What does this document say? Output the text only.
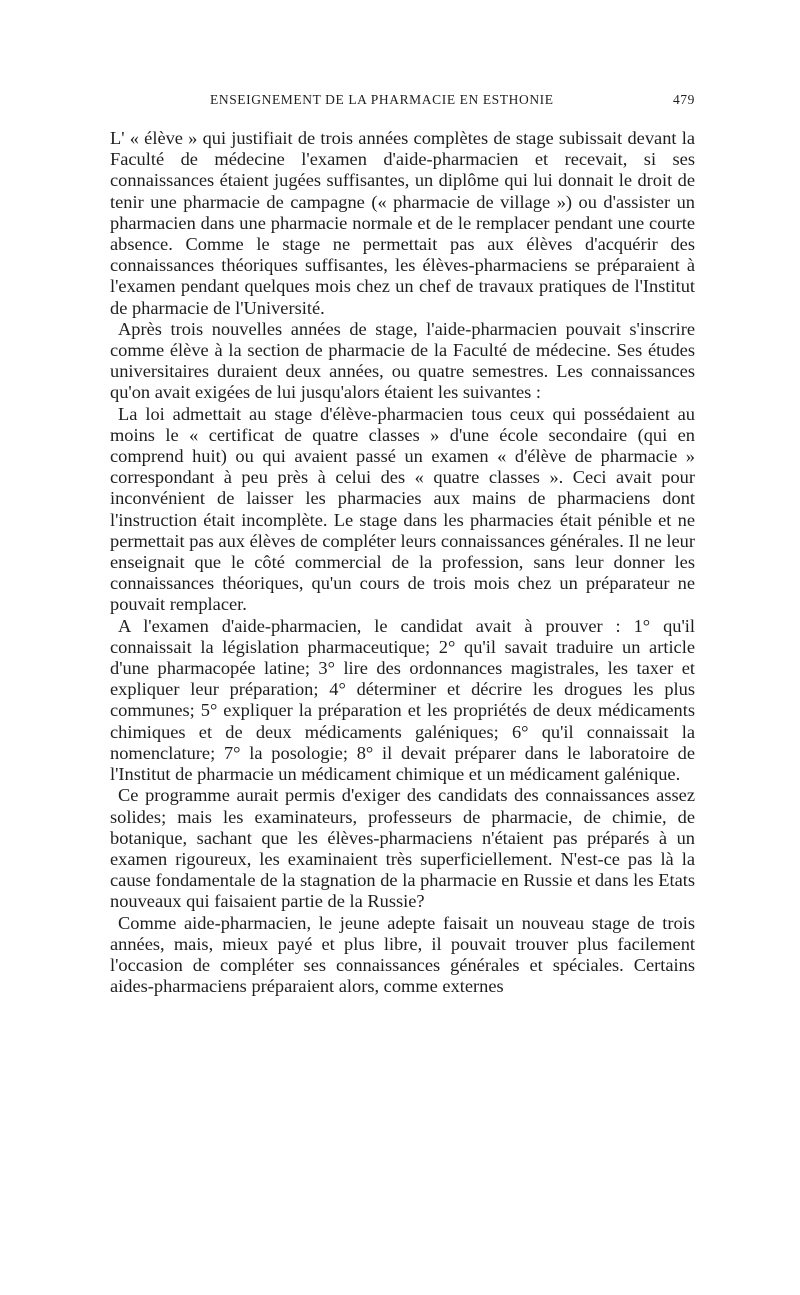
ENSEIGNEMENT DE LA PHARMACIE EN ESTHONIE	479

L' « élève » qui justifiait de trois années complètes de stage subissait devant la Faculté de médecine l'examen d'aide-pharmacien et recevait, si ses connaissances étaient jugées suffisantes, un diplôme qui lui donnait le droit de tenir une pharmacie de campagne (« pharmacie de village ») ou d'assister un pharmacien dans une pharmacie normale et de le remplacer pendant une courte absence. Comme le stage ne permettait pas aux élèves d'acquérir des connaissances théoriques suffisantes, les élèves-pharmaciens se préparaient à l'examen pendant quelques mois chez un chef de travaux pratiques de l'Institut de pharmacie de l'Université.

Après trois nouvelles années de stage, l'aide-pharmacien pouvait s'inscrire comme élève à la section de pharmacie de la Faculté de médecine. Ses études universitaires duraient deux années, ou quatre semestres. Les connaissances qu'on avait exigées de lui jusqu'alors étaient les suivantes :

La loi admettait au stage d'élève-pharmacien tous ceux qui possédaient au moins le « certificat de quatre classes » d'une école secondaire (qui en comprend huit) ou qui avaient passé un examen « d'élève de pharmacie » correspondant à peu près à celui des « quatre classes ». Ceci avait pour inconvénient de laisser les pharmacies aux mains de pharmaciens dont l'instruction était incomplète. Le stage dans les pharmacies était pénible et ne permettait pas aux élèves de compléter leurs connaissances générales. Il ne leur enseignait que le côté commercial de la profession, sans leur donner les connaissances théoriques, qu'un cours de trois mois chez un préparateur ne pouvait remplacer.

A l'examen d'aide-pharmacien, le candidat avait à prouver : 1° qu'il connaissait la législation pharmaceutique; 2° qu'il savait traduire un article d'une pharmacopée latine; 3° lire des ordonnances magistrales, les taxer et expliquer leur préparation; 4° déterminer et décrire les drogues les plus communes; 5° expliquer la préparation et les propriétés de deux médicaments chimiques et de deux médicaments galéniques; 6° qu'il connaissait la nomenclature; 7° la posologie; 8° il devait préparer dans le laboratoire de l'Institut de pharmacie un médicament chimique et un médicament galénique.

Ce programme aurait permis d'exiger des candidats des connaissances assez solides; mais les examinateurs, professeurs de pharmacie, de chimie, de botanique, sachant que les élèves-pharmaciens n'étaient pas préparés à un examen rigoureux, les examinaient très superficiellement. N'est-ce pas là la cause fondamentale de la stagnation de la pharmacie en Russie et dans les Etats nouveaux qui faisaient partie de la Russie?

Comme aide-pharmacien, le jeune adepte faisait un nouveau stage de trois années, mais, mieux payé et plus libre, il pouvait trouver plus facilement l'occasion de compléter ses connaissances générales et spéciales. Certains aides-pharmaciens préparaient alors, comme externes
